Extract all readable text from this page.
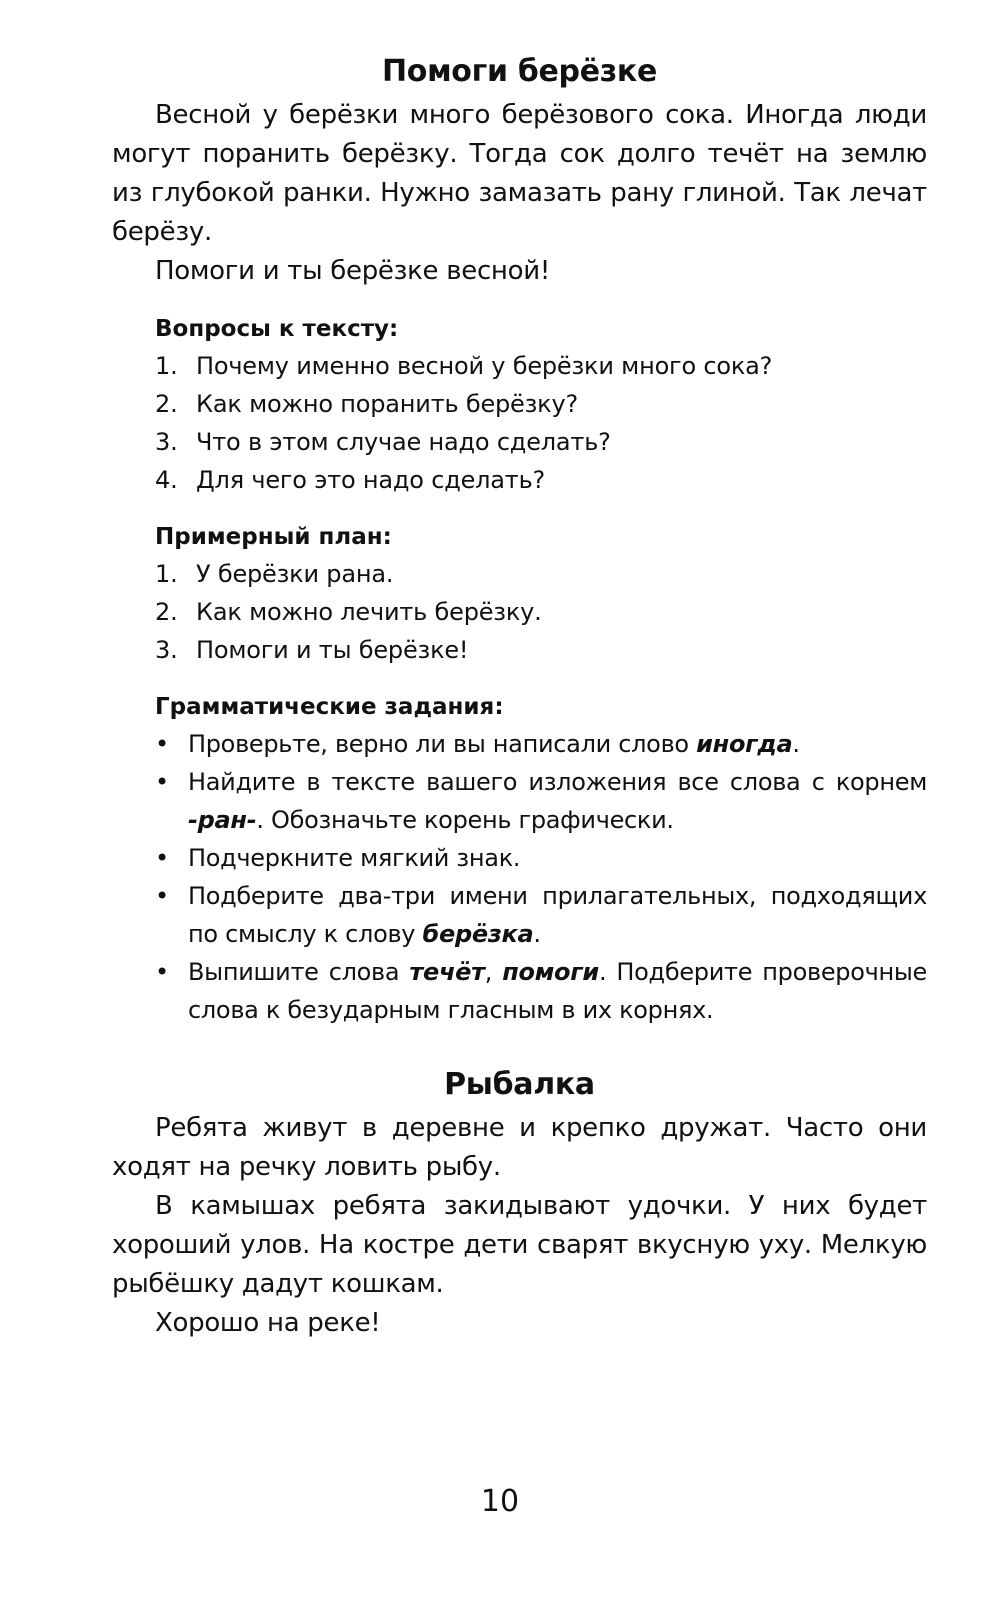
Помоги берёзке

Весной у берёзки много берёзового сока. Иногда люди могут поранить берёзку. Тогда сок долго течёт на землю из глубокой ранки. Нужно замазать рану глиной. Так лечат берёзу.

Помоги и ты берёзке весной!

Вопросы к тексту:
1. Почему именно весной у берёзки много сока?
2. Как можно поранить берёзку?
3. Что в этом случае надо сделать?
4. Для чего это надо сделать?
Примерный план:
1. У берёзки рана.
2. Как можно лечить берёзку.
3. Помоги и ты берёзке!
Грамматические задания:
• Проверьте, верно ли вы написали слово иногда.
• Найдите в тексте вашего изложения все слова с корнем -ран-. Обозначьте корень графически.
• Подчеркните мягкий знак.
• Подберите два-три имени прилагательных, подходящих по смыслу к слову берёзка.
• Выпишите слова течёт, помоги. Подберите проверочные слова к безударным гласным в их корнях.
Рыбалка

Ребята живут в деревне и крепко дружат. Часто они ходят на речку ловить рыбу.

В камышах ребята закидывают удочки. У них будет хороший улов. На костре дети сварят вкусную уху. Мелкую рыбёшку дадут кошкам.

Хорошо на реке!

10
